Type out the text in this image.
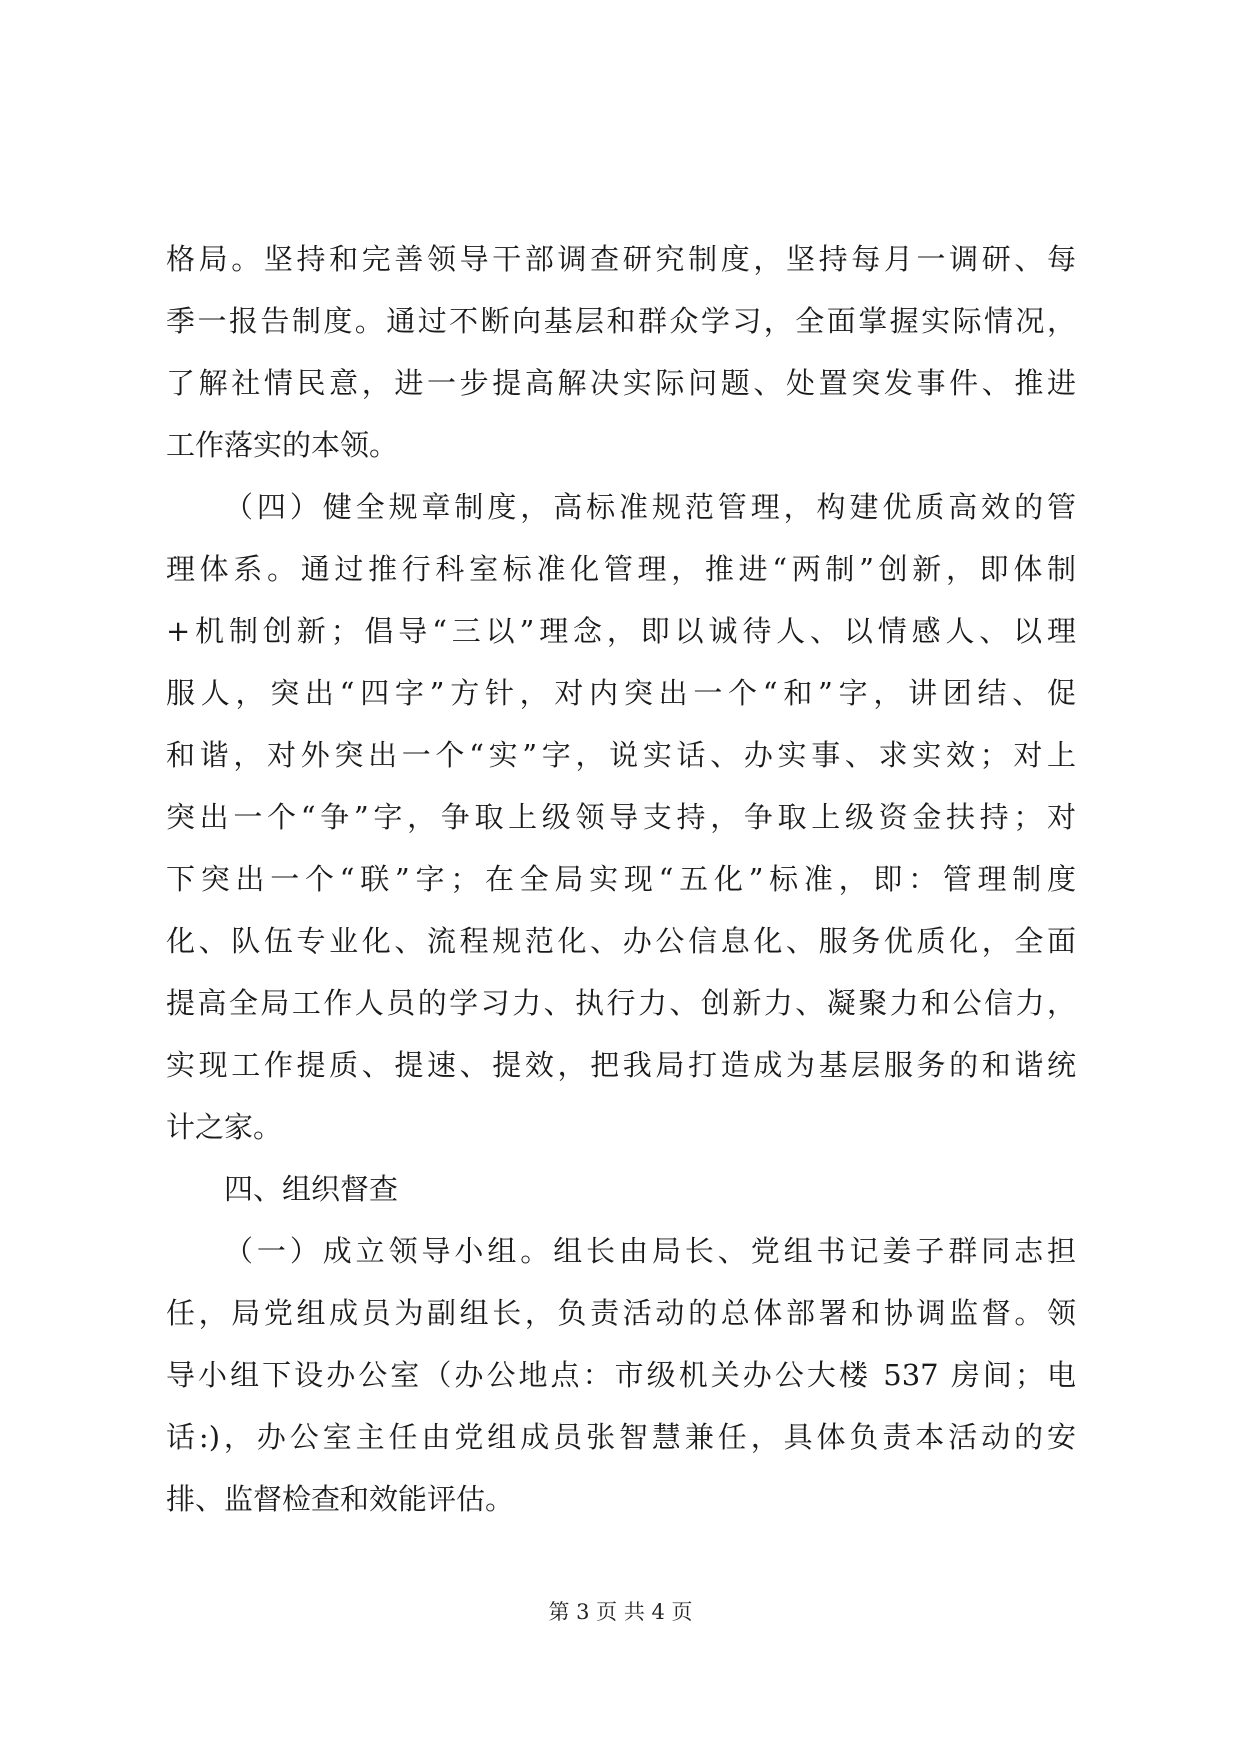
格局。坚持和完善领导干部调查研究制度，坚持每月一调研、每
季一报告制度。通过不断向基层和群众学习，全面掌握实际情况，
了解社情民意，进一步提高解决实际问题、处置突发事件、推进
工作落实的本领。
（四）健全规章制度，高标准规范管理，构建优质高效的管
理体系。通过推行科室标准化管理，推进“两制”创新，即体制
+机制创新；倡导“三以”理念，即以诚待人、以情感人、以理
服人，突出“四字”方针，对内突出一个“和”字，讲团结、促
和谐，对外突出一个“实”字，说实话、办实事、求实效；对上
突出一个“争”字，争取上级领导支持，争取上级资金扶持；对
下突出一个“联”字；在全局实现“五化”标准，即：管理制度
化、队伍专业化、流程规范化、办公信息化、服务优质化，全面
提高全局工作人员的学习力、执行力、创新力、凝聚力和公信力，
实现工作提质、提速、提效，把我局打造成为基层服务的和谐统
计之家。
四、组织督查
（一）成立领导小组。组长由局长、党组书记姜子群同志担
任，局党组成员为副组长，负责活动的总体部署和协调监督。领
导小组下设办公室（办公地点：市级机关办公大楼 537 房间；电
话:)，办公室主任由党组成员张智慧兼任，具体负责本活动的安
排、监督检查和效能评估。
第 3 页 共 4 页
